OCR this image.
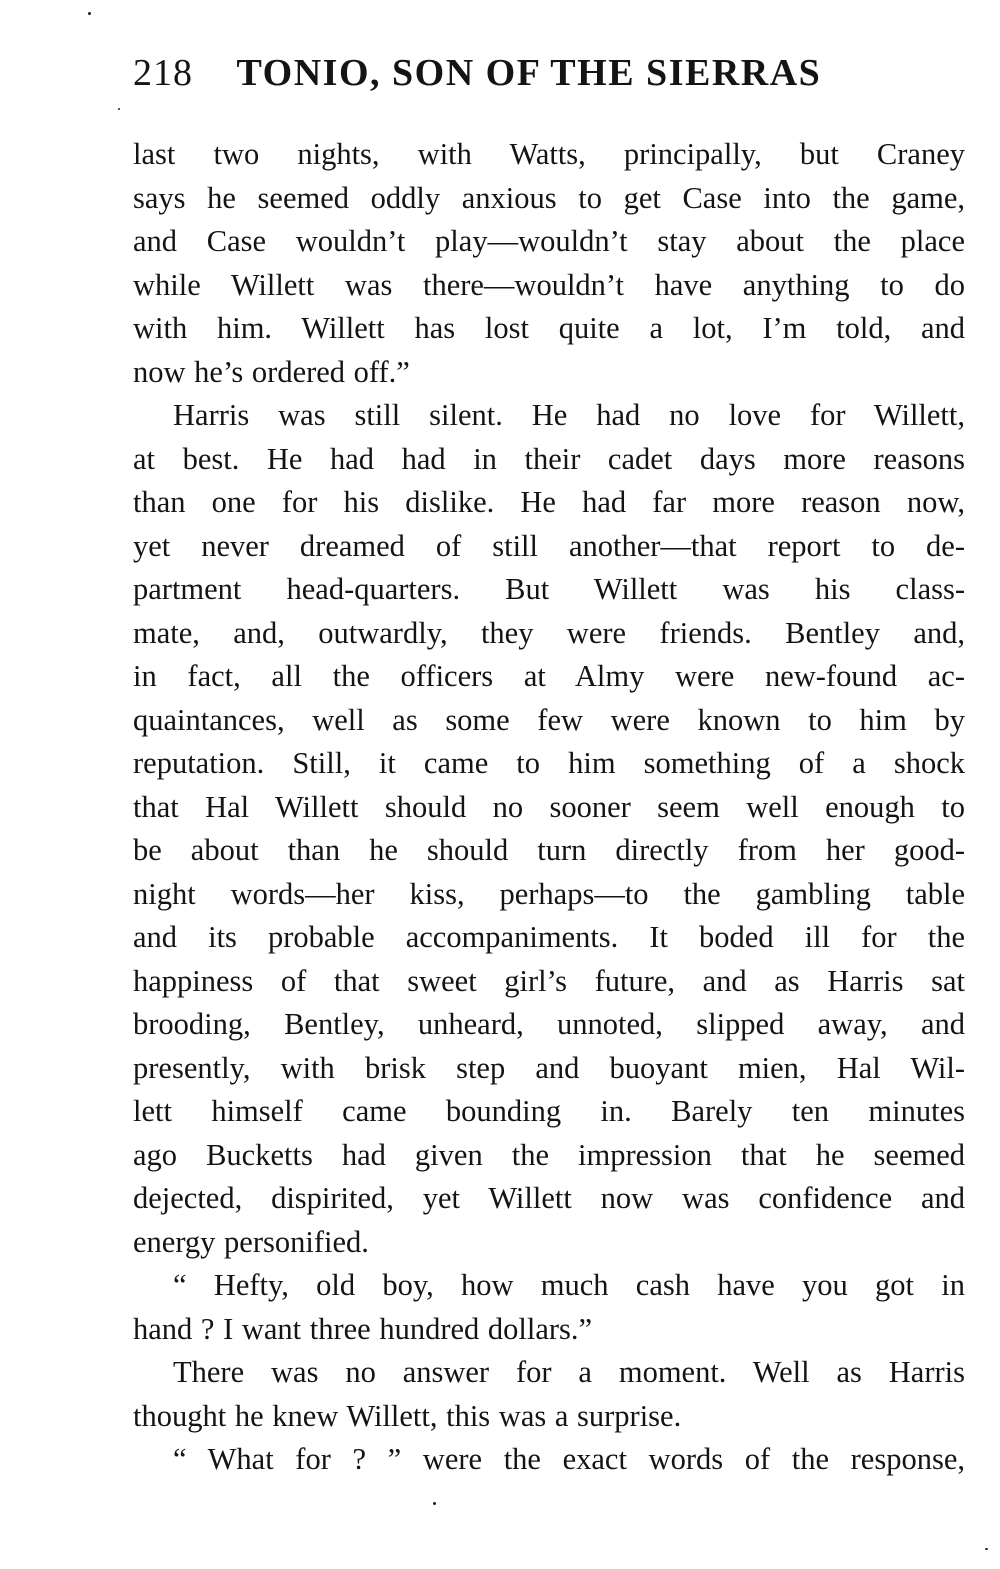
218 TONIO, SON OF THE SIERRAS
last two nights, with Watts, principally, but Craney
says he seemed oddly anxious to get Case into the game,
and Case wouldn’t play—wouldn’t stay about the place
while Willett was there—wouldn’t have anything to do
with him. Willett has lost quite a lot, I’m told, and
now he’s ordered off.”
Harris was still silent. He had no love for Willett,
at best. He had had in their cadet days more reasons
than one for his dislike. He had far more reason now,
yet never dreamed of still another—that report to de-
partment head-quarters. But Willett was his class-
mate, and, outwardly, they were friends. Bentley and,
in fact, all the officers at Almy were new-found ac-
quaintances, well as some few were known to him by
reputation. Still, it came to him something of a shock
that Hal Willett should no sooner seem well enough to
be about than he should turn directly from her good-
night words—her kiss, perhaps—to the gambling table
and its probable accompaniments. It boded ill for the
happiness of that sweet girl’s future, and as Harris sat
brooding, Bentley, unheard, unnoted, slipped away, and
presently, with brisk step and buoyant mien, Hal Wil-
lett himself came bounding in. Barely ten minutes
ago Bucketts had given the impression that he seemed
dejected, dispirited, yet Willett now was confidence and
energy personified.
“ Hefty, old boy, how much cash have you got in
hand ? I want three hundred dollars.”
There was no answer for a moment. Well as Harris
thought he knew Willett, this was a surprise.
“ What for ? ” were the exact words of the response,
